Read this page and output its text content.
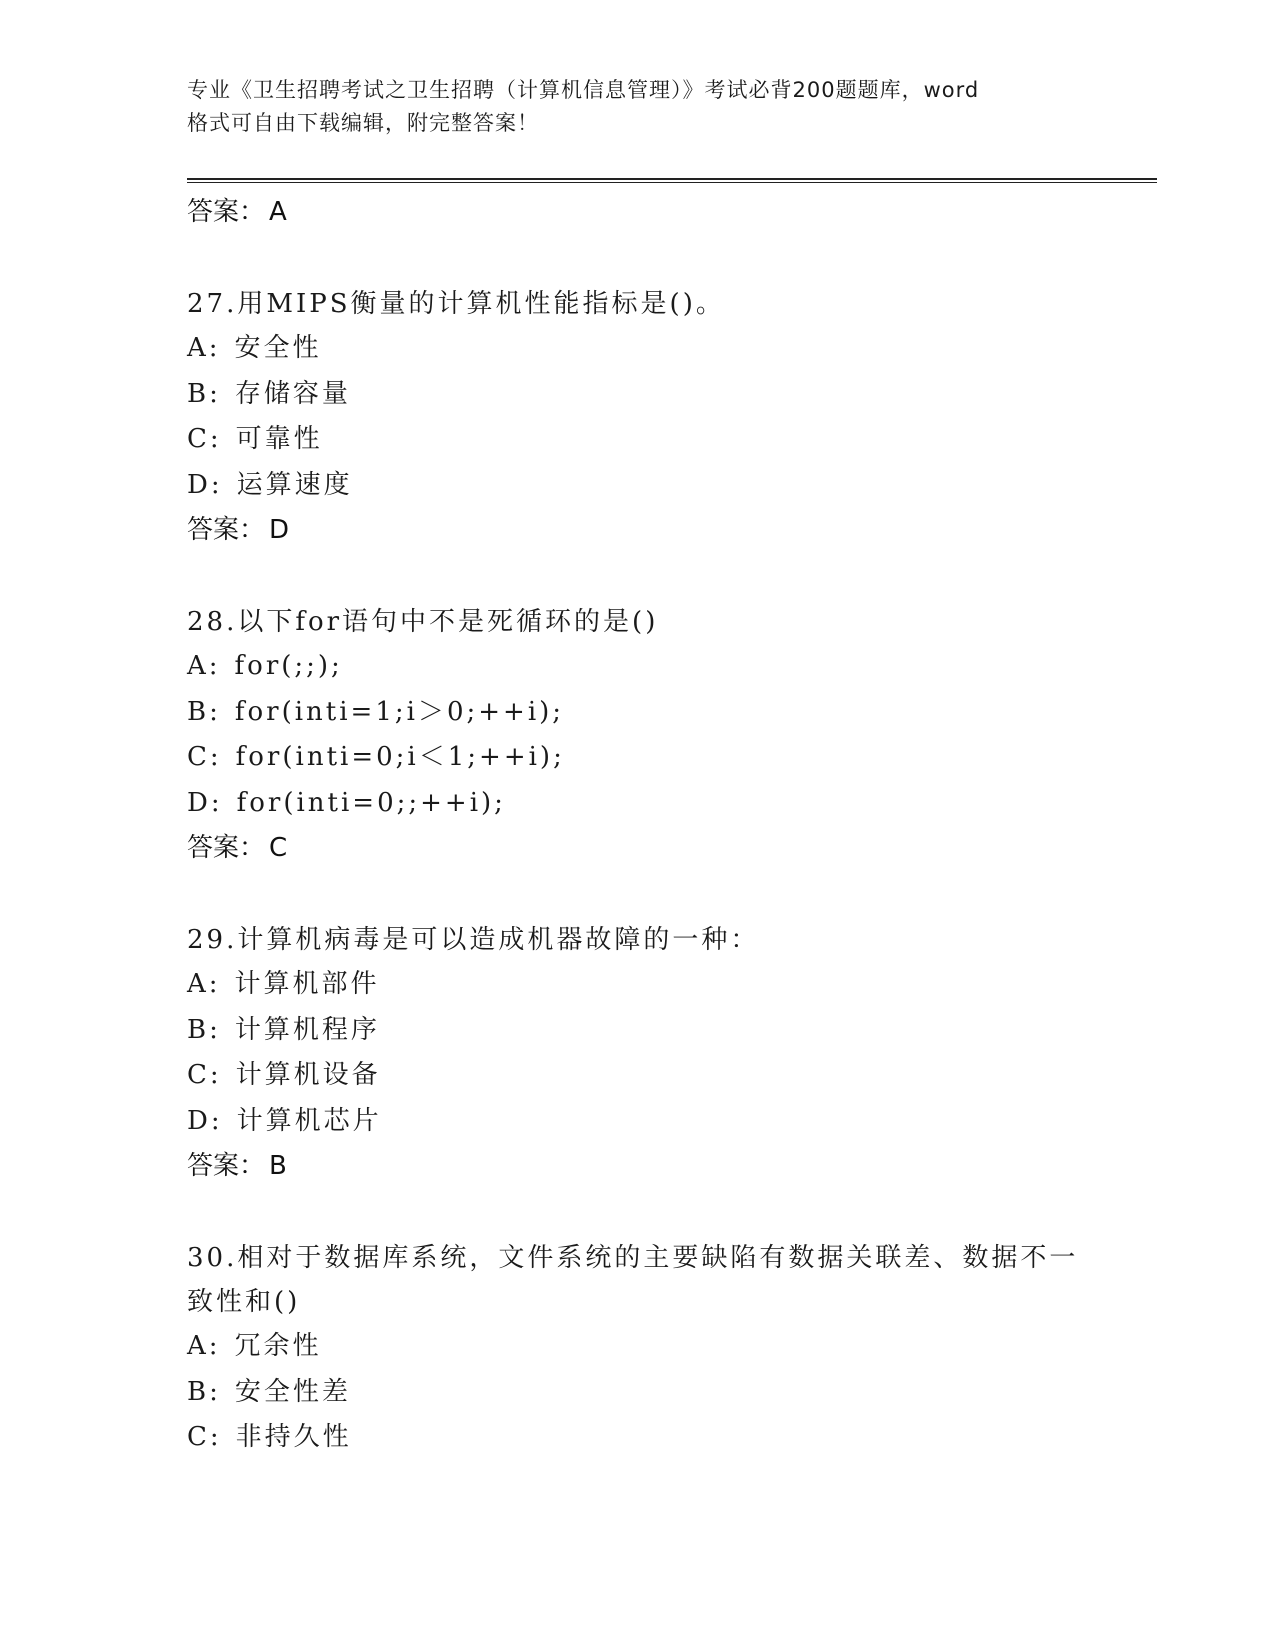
专业《卫生招聘考试之卫生招聘（计算机信息管理）》考试必背200题题库，word
格式可自由下载编辑，附完整答案！
答案： A
27.用MIPS衡量的计算机性能指标是()。
A: 安全性
B: 存储容量
C: 可靠性
D: 运算速度
答案： D
28.以下for语句中不是死循环的是()
A: for(;;);
B: for(inti=1;i＞0;++i);
C: for(inti=0;i＜1;++i);
D: for(inti=0;;++i);
答案： C
29.计算机病毒是可以造成机器故障的一种：
A: 计算机部件
B: 计算机程序
C: 计算机设备
D: 计算机芯片
答案： B
30.相对于数据库系统，文件系统的主要缺陷有数据关联差、数据不一
致性和()
A: 冗余性
B: 安全性差
C: 非持久性
